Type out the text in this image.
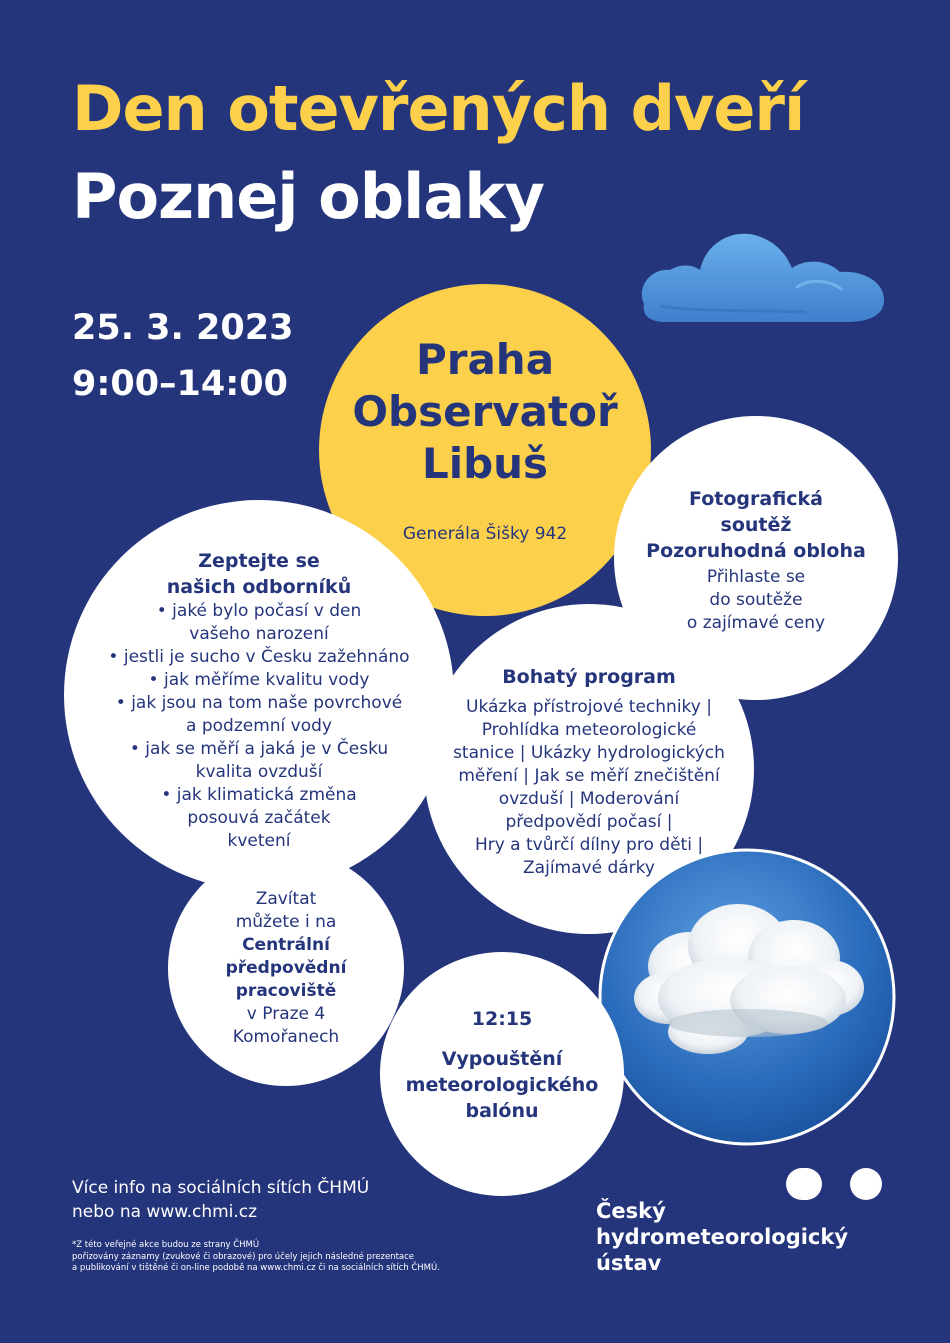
Den otevřených dveří
Poznej oblaky
25. 3. 2023
9:00–14:00	Praha
Observatoř
Libuš
Generála Šišky 942
Fotografická
soutěž
Pozoruhodná obloha
Přihlaste se
do soutěže
o zajímavé ceny
Zeptejte se
našich odborníků
• jaké bylo počasí v den
vašeho narození
• jestli je sucho v Česku zažehnáno
• jak měříme kvalitu vody
• jak jsou na tom naše povrchové
a podzemní vody
• jak se měří a jaká je v Česku
kvalita ovzduší
• jak klimatická změna
posouvá začátek
kvetení
Bohatý program
Ukázka přístrojové techniky |
Prohlídka meteorologické
stanice | Ukázky hydrologických
měření | Jak se měří znečištění
ovzduší | Moderování
předpovědí počasí |
Hry a tvůrčí dílny pro děti |
Zajímavé dárky
Zavítat
můžete i na
Centrální
předpovědní
pracoviště
v Praze 4
Komořanech
12:15
Vypouštění
meteorologického
balónu
Více info na sociálních sítích ČHMÚ
nebo na www.chmi.cz
*Z této veřejné akce budou ze strany ČHMÚ
pořizovány záznamy (zvukové či obrazové) pro účely jejich následné prezentace
a publikování v tištěné či on-line podobě na www.chmi.cz či na sociálních sítích ČHMÚ.
Český
hydrometeorologický
ústav
